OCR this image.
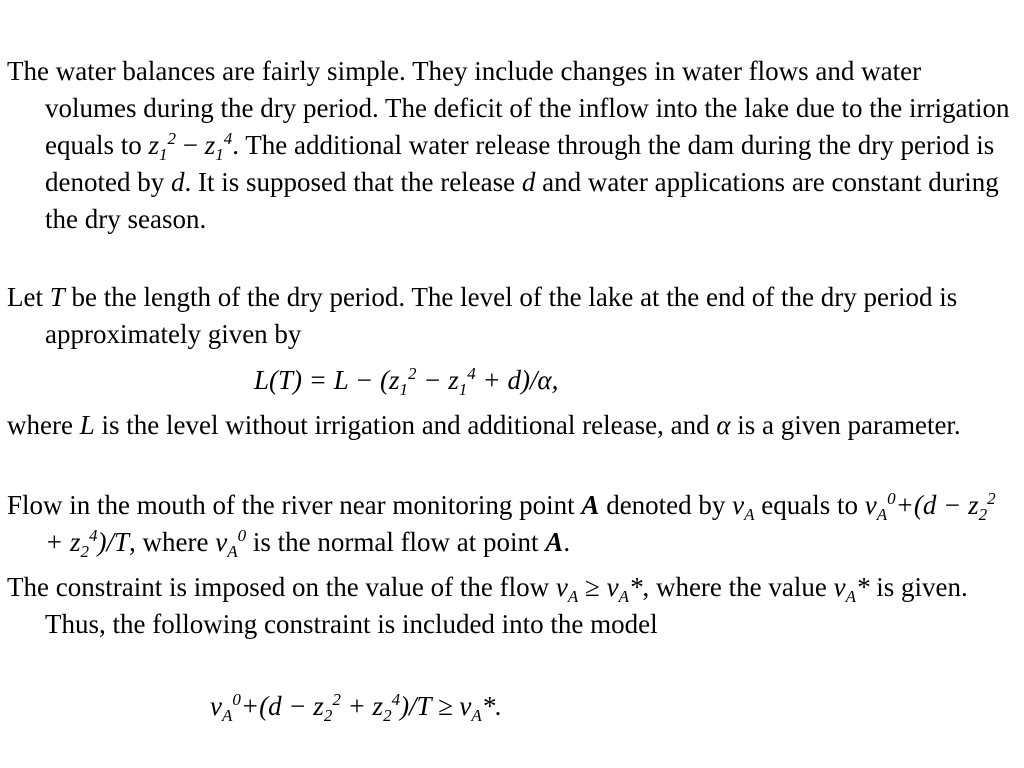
The water balances are fairly simple. They include changes in water flows and water volumes during the dry period. The deficit of the inflow into the lake due to the irrigation equals to $z_1^2 - z_1^4$. The additional water release through the dam during the dry period is denoted by d. It is supposed that the release d and water applications are constant during the dry season.

Let T be the length of the dry period. The level of the lake at the end of the dry period is approximately given by

$L(T) = L - (z_1^2 - z_1^4 + d)/\alpha$,

where L is the level without irrigation and additional release, and α is a given parameter.

Flow in the mouth of the river near monitoring point A denoted by $v_A$ equals to $v_A^0+(d - z_2^2 + z_2^4)/T$, where $v_A^0$ is the normal flow at point A.

The constraint is imposed on the value of the flow $v_A \ge v_A*$, where the value $v_A*$ is given. Thus, the following constraint is included into the model

$v_A^0+(d - z_2^2 + z_2^4)/T \ge v_A*$.
